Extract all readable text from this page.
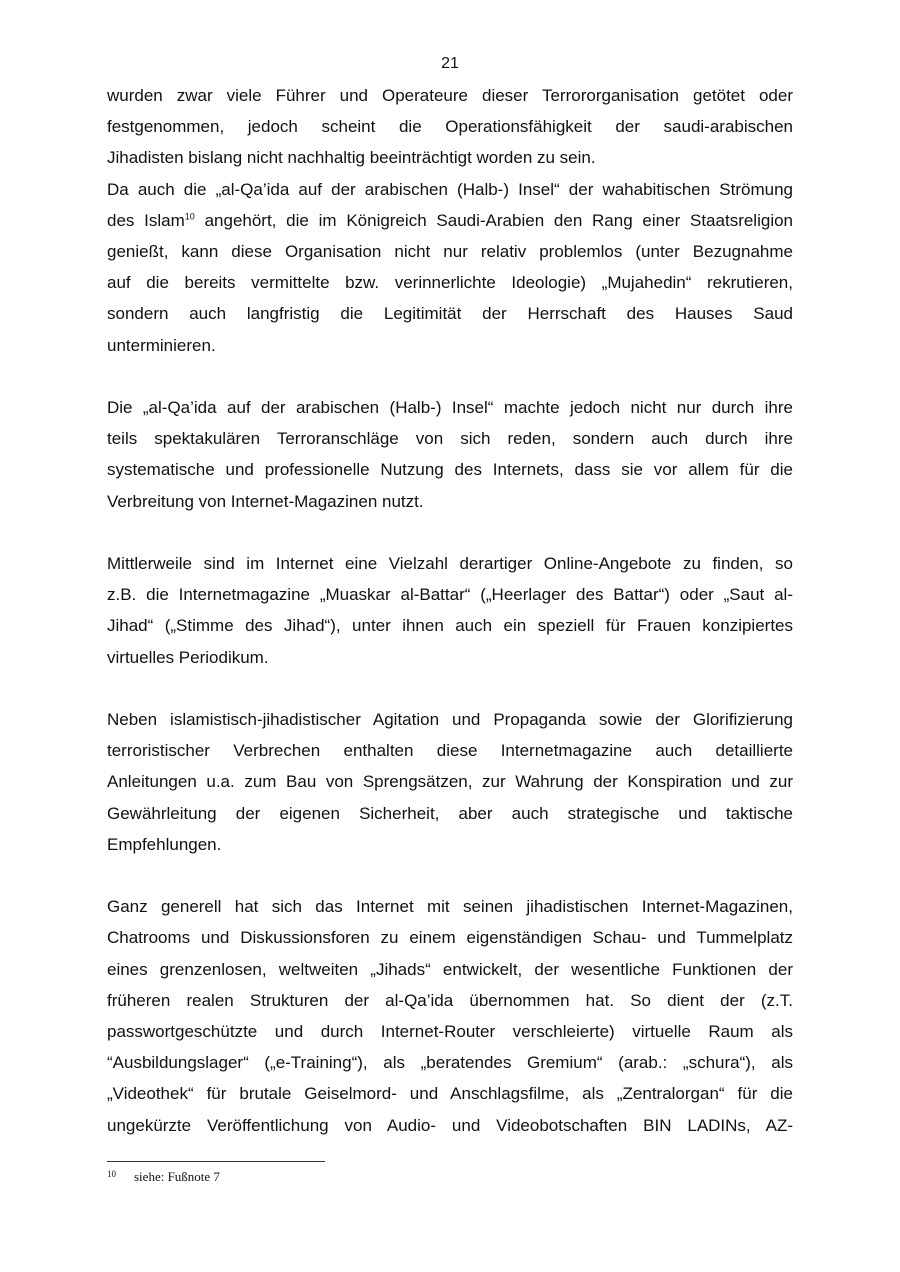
21

wurden zwar viele Führer und Operateure dieser Terrororganisation getötet oder
festgenommen, jedoch scheint die Operationsfähigkeit der saudi-arabischen
Jihadisten bislang nicht nachhaltig beeinträchtigt worden zu sein.

Da auch die „al-Qa’ida auf der arabischen (Halb-) Insel“ der wahabitischen Strömung
des Islam$^{10}$ angehört, die im Königreich Saudi-Arabien den Rang einer Staatsreligion
genießt, kann diese Organisation nicht nur relativ problemlos (unter Bezugnahme
auf die bereits vermittelte bzw. verinnerlichte Ideologie) „Mujahedin“ rekrutieren,
sondern auch langfristig die Legitimität der Herrschaft des Hauses Saud
unterminieren.

Die „al-Qa’ida auf der arabischen (Halb-) Insel“ machte jedoch nicht nur durch ihre
teils spektakulären Terroranschläge von sich reden, sondern auch durch ihre
systematische und professionelle Nutzung des Internets, dass sie vor allem für die
Verbreitung von Internet-Magazinen nutzt.

Mittlerweile sind im Internet eine Vielzahl derartiger Online-Angebote zu finden, so
z.B. die Internetmagazine „Muaskar al-Battar“ („Heerlager des Battar“) oder „Saut al-
Jihad“ („Stimme des Jihad“), unter ihnen auch ein speziell für Frauen konzipiertes
virtuelles Periodikum.

Neben islamistisch-jihadistischer Agitation und Propaganda sowie der Glorifizierung
terroristischer Verbrechen enthalten diese Internetmagazine auch detaillierte
Anleitungen u.a. zum Bau von Sprengsätzen, zur Wahrung der Konspiration und zur
Gewährleitung der eigenen Sicherheit, aber auch strategische und taktische
Empfehlungen.

Ganz generell hat sich das Internet mit seinen jihadistischen Internet-Magazinen,
Chatrooms und Diskussionsforen zu einem eigenständigen Schau- und Tummelplatz
eines grenzenlosen, weltweiten „Jihads“ entwickelt, der wesentliche Funktionen der
früheren realen Strukturen der al-Qa’ida übernommen hat. So dient der (z.T.
passwortgeschützte und durch Internet-Router verschleierte) virtuelle Raum als
“Ausbildungslager“ („e-Training“), als „beratendes Gremium“ (arab.: „schura“), als
„Videothek“ für brutale Geiselmord- und Anschlagsfilme, als „Zentralorgan“ für die
ungekürzte Veröffentlichung von Audio- und Videobotschaften BIN LADINs, AZ-

10 siehe: Fußnote 7
